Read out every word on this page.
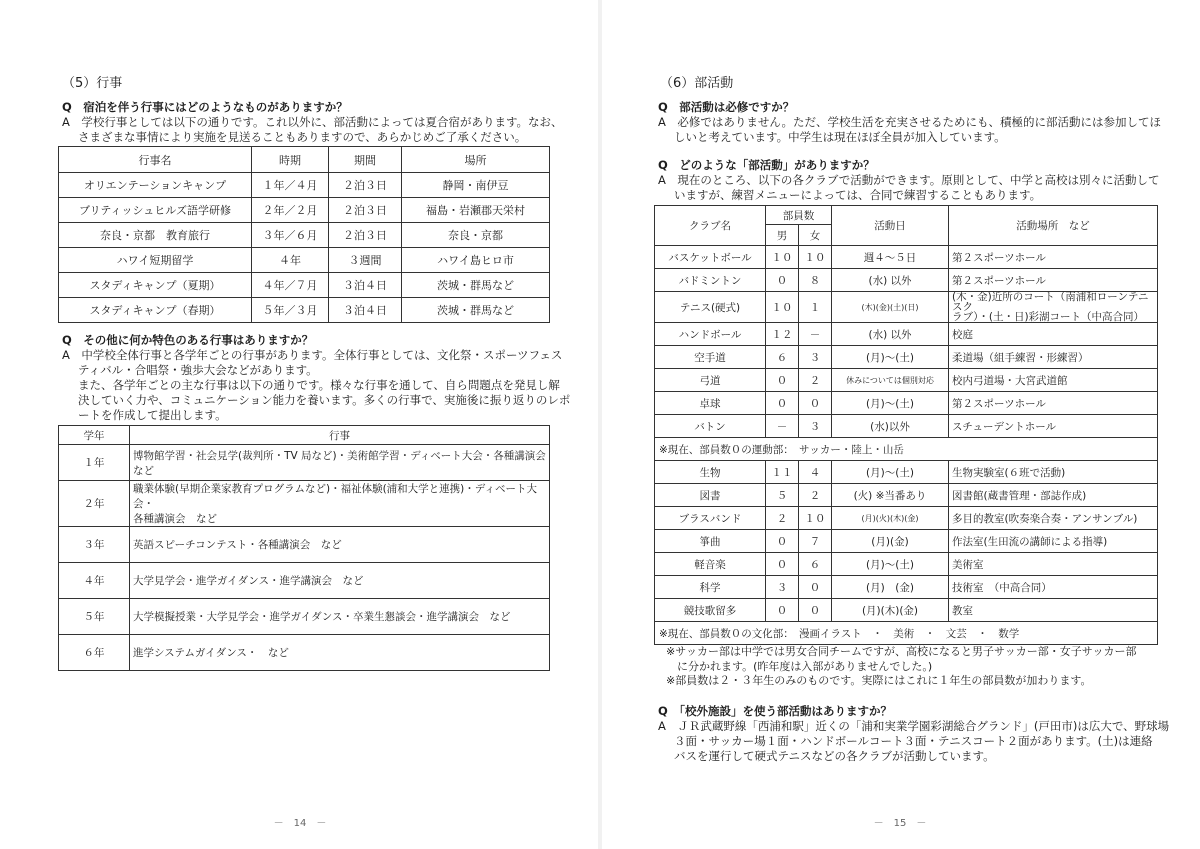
（5）行事
Q　宿泊を伴う行事にはどのようなものがありますか？
A　学校行事としては以下の通りです。これ以外に、部活動によっては夏合宿があります。なお、
さまざまな事情により実施を見送ることもありますので、あらかじめご了承ください。
行事名	時期	期間	場所
オリエンテーションキャンプ	１年／４月	２泊３日	静岡・南伊豆
ブリティッシュヒルズ語学研修	２年／２月	２泊３日	福島・岩瀬郡天栄村
奈良・京都　教育旅行	３年／６月	２泊３日	奈良・京都
ハワイ短期留学	４年	３週間	ハワイ島ヒロ市
スタディキャンプ（夏期）	４年／７月	３泊４日	茨城・群馬など
スタディキャンプ（春期）	５年／３月	３泊４日	茨城・群馬など
Q　その他に何か特色のある行事はありますか？
A　中学校全体行事と各学年ごとの行事があります。全体行事としては、文化祭・スポーツフェス
ティバル・合唱祭・強歩大会などがあります。
また、各学年ごとの主な行事は以下の通りです。様々な行事を通して、自ら問題点を発見し解
決していく力や、コミュニケーション能力を養います。多くの行事で、実施後に振り返りのレポ
ートを作成して提出します。
学年	行事
１年	博物館学習・社会見学(裁判所・TV 局など)・美術館学習・ディベート大会・各種講演会
など

２年	職業体験(早期企業家教育プログラムなど)・福祉体験(浦和大学と連携)・ディベート大会・
各種講演会　など

３年	英語スピーチコンテスト・各種講演会　など

４年	大学見学会・進学ガイダンス・進学講演会　など

５年	大学模擬授業・大学見学会・進学ガイダンス・卒業生懇談会・進学講演会　など

６年	進学システムガイダンス・　など
－　14　－
（6）部活動
Q　部活動は必修ですか？
A　必修ではありません。ただ、学校生活を充実させるためにも、積極的に部活動には参加してほ
しいと考えています。中学生は現在ほぼ全員が加入しています。
Q　どのような「部活動」がありますか？
A　現在のところ、以下の各クラブで活動ができます。原則として、中学と高校は別々に活動して
いますが、練習メニューによっては、合同で練習することもあります。
クラブ名	部員数		活動日	活動場所　など
	男	女		
バスケットボール	１０	１０	週４～５日	第２スポーツホール
バドミントン	０	８	(水) 以外	第２スポーツホール
テニス(硬式)	１０	１	(木)(金)(土)(日)	(木・金)近所のコート（南浦和ローンテニスク
ラブ）・(土・日)彩湖コート（中高合同）

ハンドボール	１２	－	(水) 以外	校庭
空手道	６	３	(月)～(土)	柔道場（組手練習・形練習）
弓道	０	２	休みについては個別対応	校内弓道場・大宮武道館
卓球	０	０	(月)～(土)	第２スポーツホール
バトン	－	３	(水)以外	スチューデントホール
※現在、部員数０の運動部：　サッカー・陸上・山岳				
生物	１１	４	(月)～(土)	生物実験室(６班で活動)
図書	５	２	(火) ※当番あり	図書館(蔵書管理・部誌作成)
ブラスバンド	２	１０	(月)(火)(木)(金)	多目的教室(吹奏楽合奏・アンサンブル)
箏曲	０	７	(月)(金)	作法室(生田流の講師による指導)
軽音楽	０	６	(月)～(土)	美術室
科学	３	０	(月)　(金)	技術室　（中高合同）
競技歌留多	０	０	(月)(木)(金)	教室
※現在、部員数０の文化部：　漫画イラスト　・　美術　・　文芸　・　数学				
※サッカー部は中学では男女合同チームですが、高校になると男子サッカー部・女子サッカー部
　に分かれます。(昨年度は入部がありませんでした。)
※部員数は２・３年生のみのものです。実際にはこれに１年生の部員数が加わります。
Q　「校外施設」を使う部活動はありますか？
A　ＪＲ武蔵野線「西浦和駅」近くの「浦和実業学園彩湖総合グランド」(戸田市)は広大で、野球場
３面・サッカー場１面・ハンドボールコート３面・テニスコート２面があります。(土)は連絡
バスを運行して硬式テニスなどの各クラブが活動しています。
－　15　－
